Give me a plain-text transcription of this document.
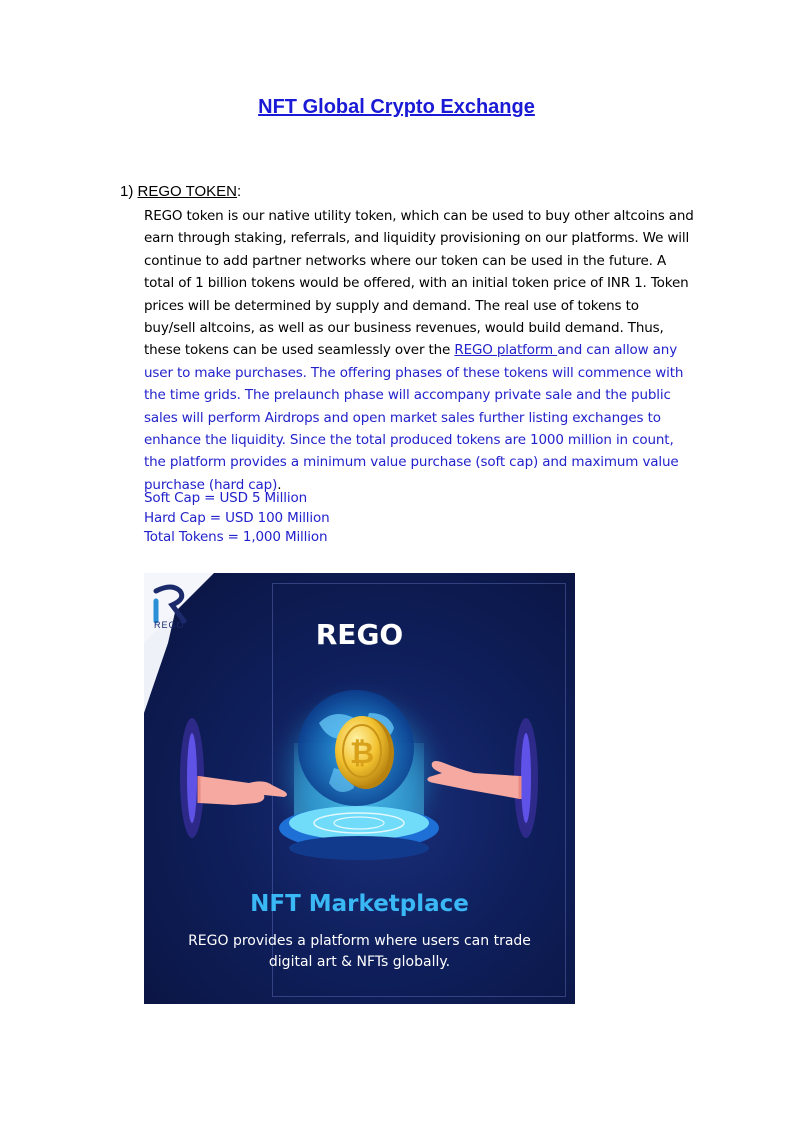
NFT Global Crypto Exchange
1) REGO TOKEN:

REGO token is our native utility token, which can be used to buy other altcoins and earn through staking, referrals, and liquidity provisioning on our platforms. We will continue to add partner networks where our token can be used in the future. A total of 1 billion tokens would be offered, with an initial token price of INR 1. Token prices will be determined by supply and demand. The real use of tokens to buy/sell altcoins, as well as our business revenues, would build demand. Thus, these tokens can be used seamlessly over the REGO platform and can allow any user to make purchases. The offering phases of these tokens will commence with the time grids. The prelaunch phase will accompany private sale and the public sales will perform Airdrops and open market sales further listing exchanges to enhance the liquidity. Since the total produced tokens are 1000 million in count, the platform provides a minimum value purchase (soft cap) and maximum value purchase (hard cap).

Soft Cap = USD 5 Million
Hard Cap = USD 100 Million
Total Tokens = 1,000 Million
₿
REGO	REGO
NFT Marketplace
REGO provides a platform where users can trade digital art & NFTs globally.
